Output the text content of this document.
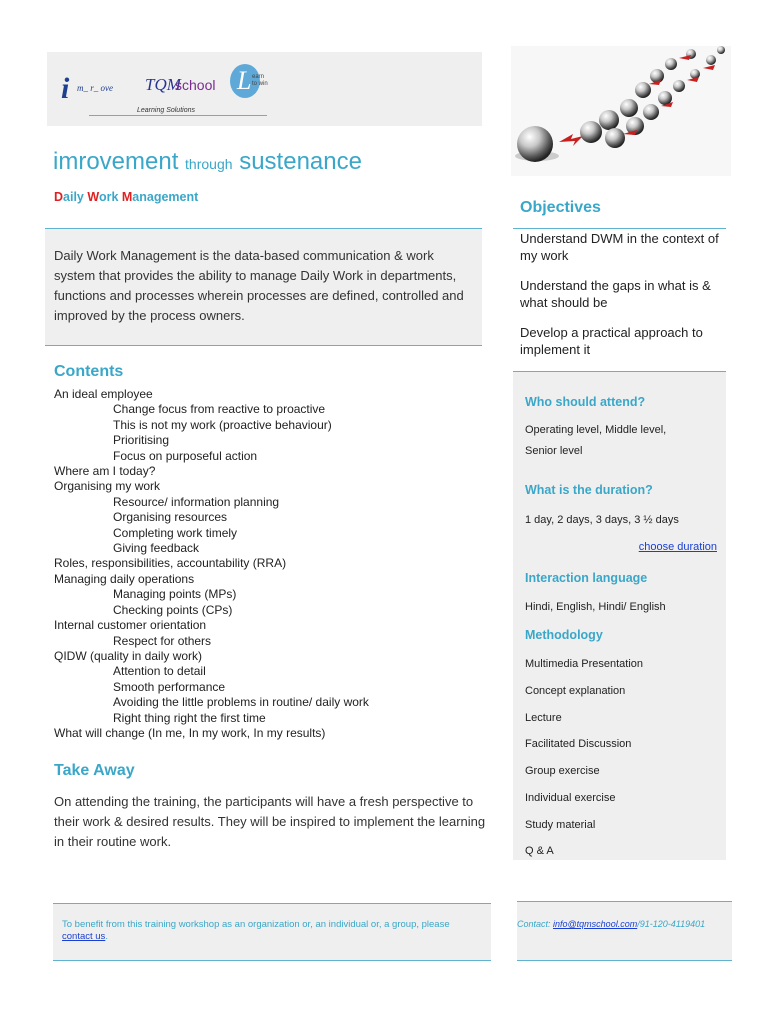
i m_ r_ ove TQM
school L earn
to win
Learning Solutions
imrovement through sustenance
Daily Work Management
Daily Work Management is the data-based communication & work system that provides the ability to manage Daily Work in departments, functions and processes wherein processes are defined, controlled and improved by the process owners.
Contents
An ideal employee
Change focus from reactive to proactive
This is not my work (proactive behaviour)
Prioritising
Focus on purposeful action
Where am I today?
Organising my work
Resource/ information planning
Organising resources
Completing work timely
Giving feedback
Roles, responsibilities, accountability (RRA)
Managing daily operations
Managing points (MPs)
Checking points (CPs)
Internal customer orientation
Respect for others
QIDW (quality in daily work)
Attention to detail
Smooth performance
Avoiding the little problems in routine/ daily work
Right thing right the first time
What will change (In me, In my work, In my results)
Take Away
On attending the training, the participants will have a fresh perspective to their work & desired results. They will be inspired to implement the learning in their routine work.
Objectives
Understand DWM in the context of my work
Understand the gaps in what is & what should be
Develop a practical approach to implement it
Who should attend?
Operating level, Middle level,
Senior level
What is the duration?
1 day, 2 days, 3 days, 3 ½ days
choose duration
Interaction language
Hindi, English, Hindi/ English
Methodology
Multimedia Presentation
Concept explanation
Lecture
Facilitated Discussion
Group exercise
Individual exercise
Study material
Q & A
To benefit from this training workshop as an organization or, an individual or, a group, please contact us.
Contact: info@tqmschool.com/91-120-4119401
